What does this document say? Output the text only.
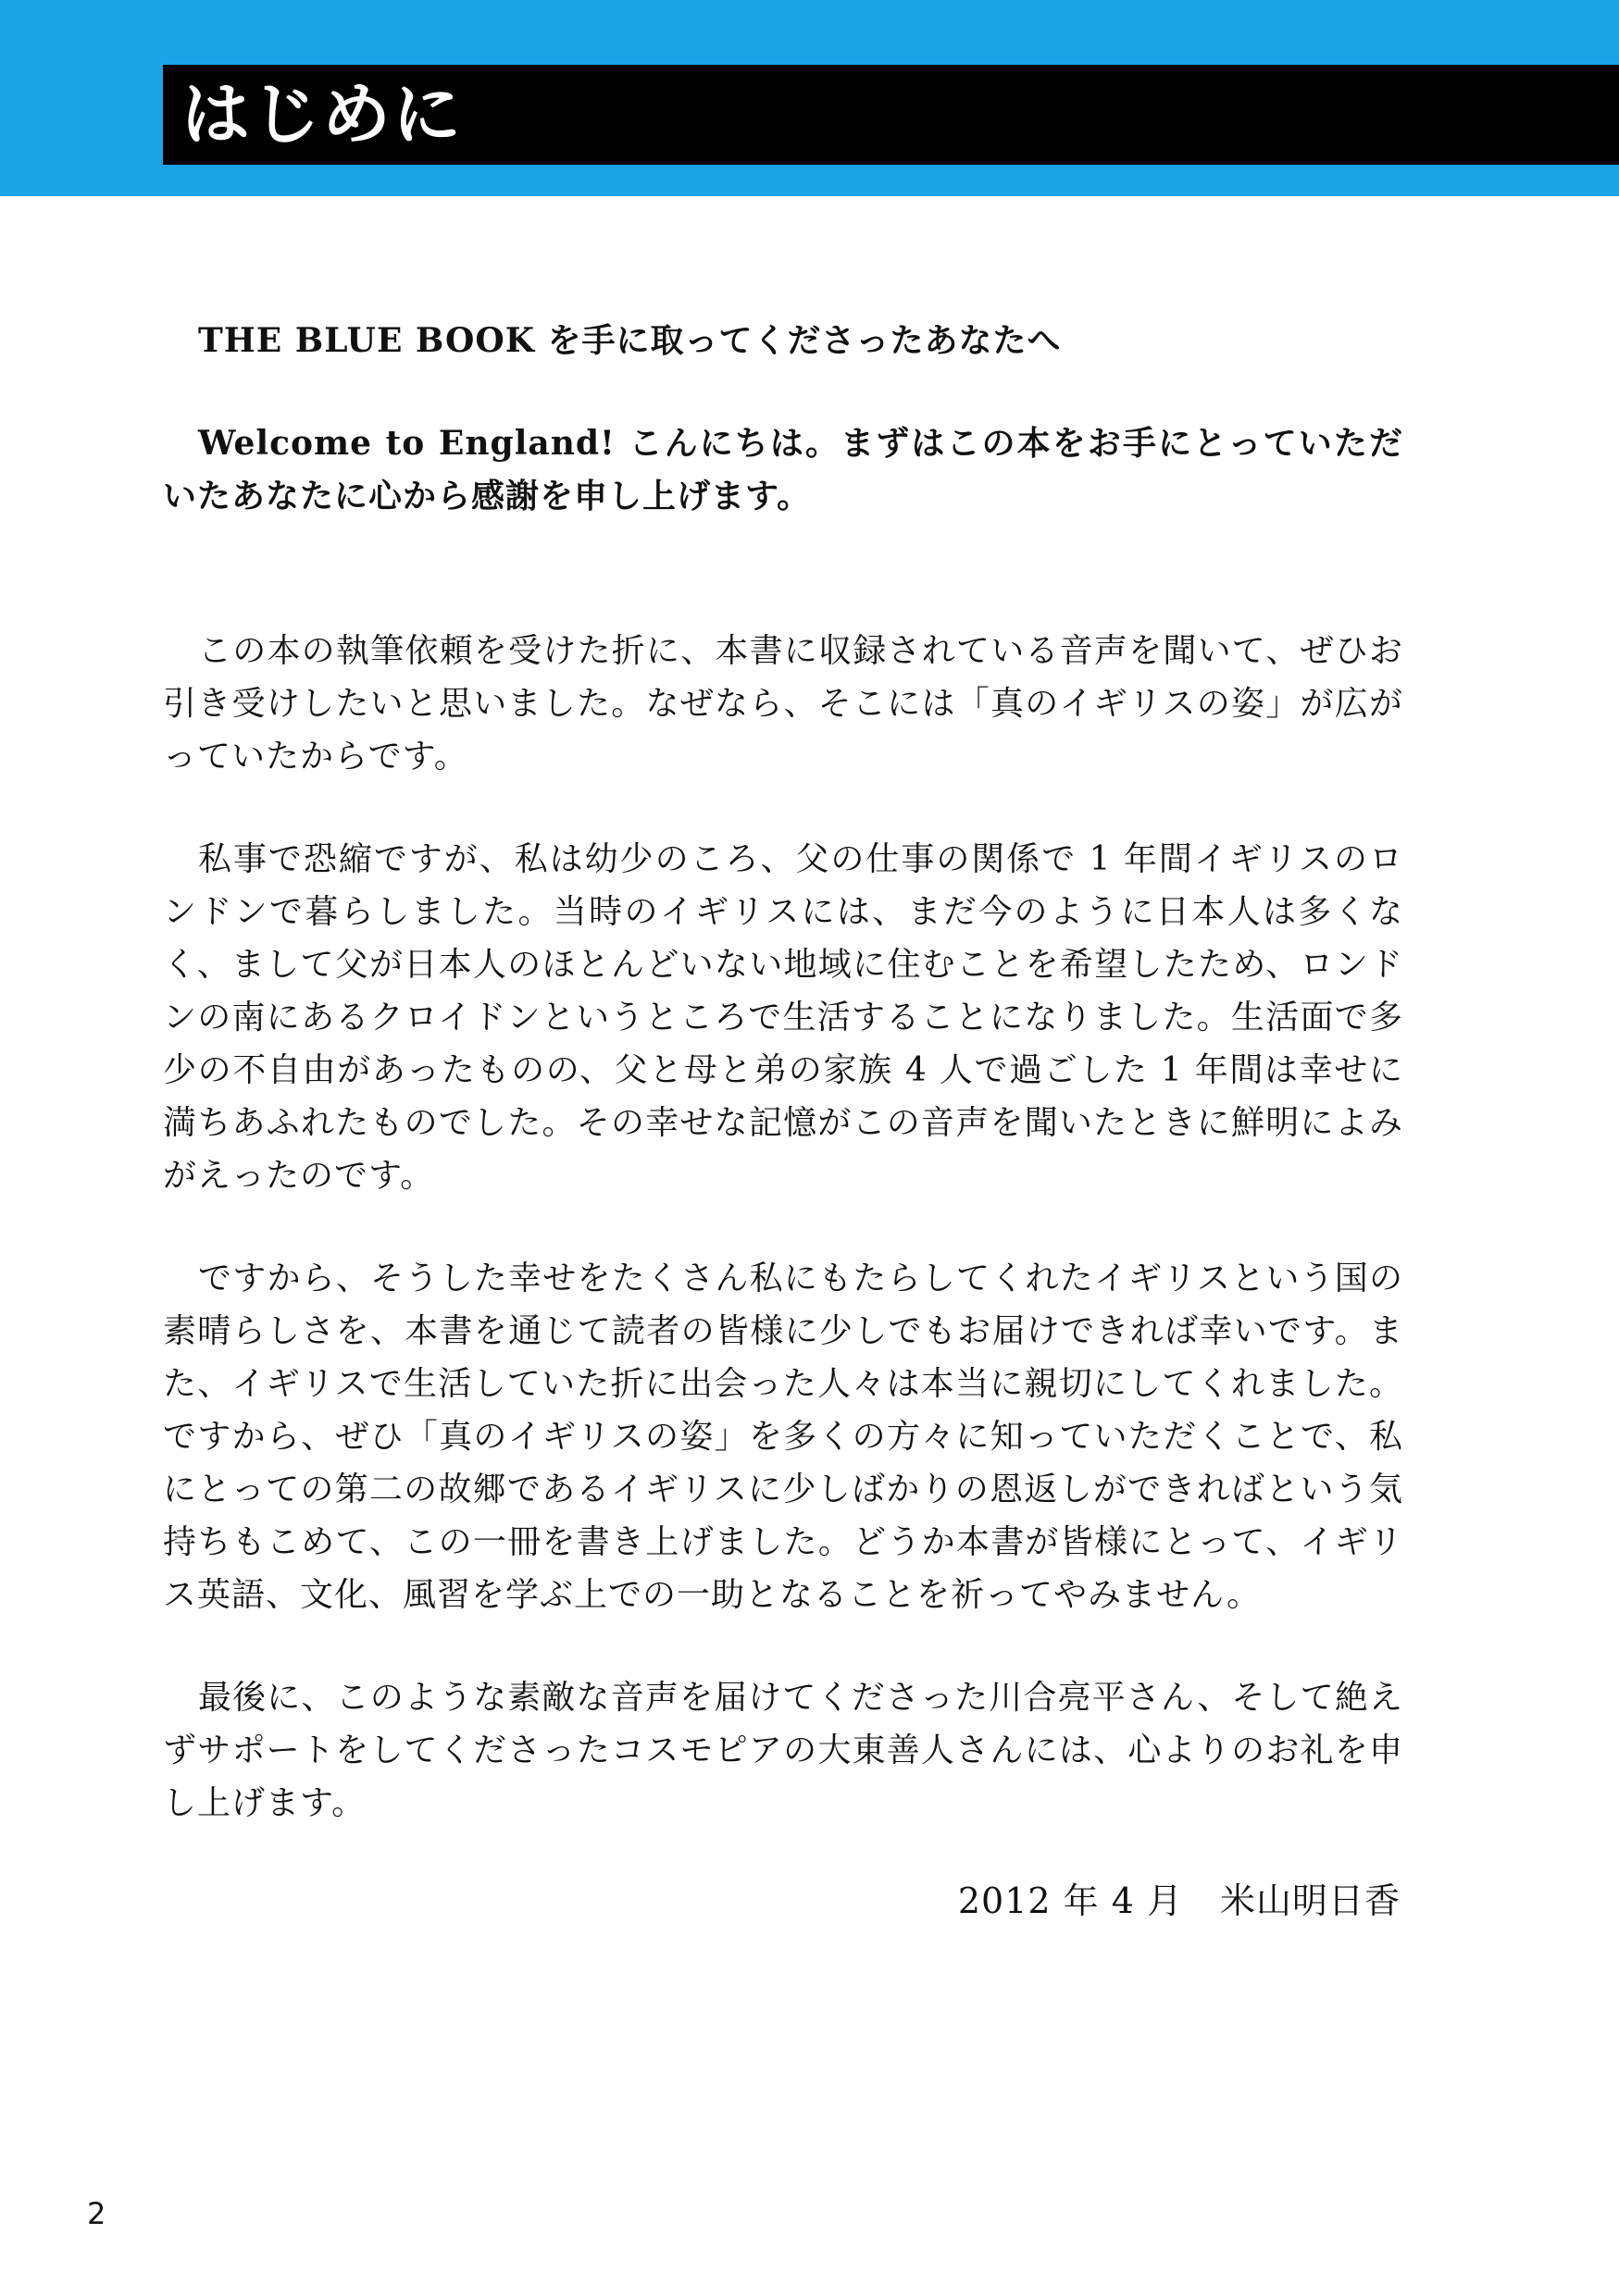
はじめに

THE BLUE BOOK を手に取ってくださったあなたへ

Welcome to England! こんにちは。まずはこの本をお手にとっていただいたあなたに心から感謝を申し上げます。

この本の執筆依頼を受けた折に、本書に収録されている音声を聞いて、ぜひお引き受けしたいと思いました。なぜなら、そこには「真のイギリスの姿」が広がっていたからです。

私事で恐縮ですが、私は幼少のころ、父の仕事の関係で 1 年間イギリスのロンドンで暮らしました。当時のイギリスには、まだ今のように日本人は多くなく、まして父が日本人のほとんどいない地域に住むことを希望したため、ロンドンの南にあるクロイドンというところで生活することになりました。生活面で多少の不自由があったものの、父と母と弟の家族 4 人で過ごした 1 年間は幸せに満ちあふれたものでした。その幸せな記憶がこの音声を聞いたときに鮮明によみがえったのです。

ですから、そうした幸せをたくさん私にもたらしてくれたイギリスという国の素晴らしさを、本書を通じて読者の皆様に少しでもお届けできれば幸いです。また、イギリスで生活していた折に出会った人々は本当に親切にしてくれました。ですから、ぜひ「真のイギリスの姿」を多くの方々に知っていただくことで、私にとっての第二の故郷であるイギリスに少しばかりの恩返しができればという気持ちもこめて、この一冊を書き上げました。どうか本書が皆様にとって、イギリス英語、文化、風習を学ぶ上での一助となることを祈ってやみません。

最後に、このような素敵な音声を届けてくださった川合亮平さん、そして絶えずサポートをしてくださったコスモピアの大東善人さんには、心よりのお礼を申し上げます。

2012 年 4 月 米山明日香
2
